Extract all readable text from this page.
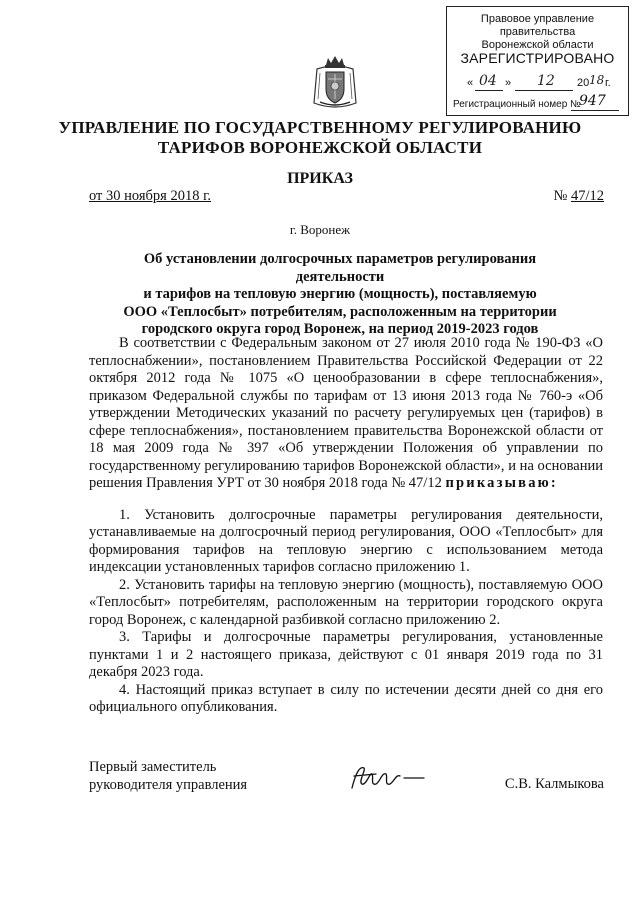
Правовое управление правительства
Воронежской области
ЗАРЕГИСТРИРОВАНО
« 04 » 12 20 18 г.
Регистрационный номер №
947
УПРАВЛЕНИЕ ПО ГОСУДАРСТВЕННОМУ РЕГУЛИРОВАНИЮ
ТАРИФОВ ВОРОНЕЖСКОЙ ОБЛАСТИ
ПРИКАЗ
от 30 ноября 2018 г.	№ 47/12
г. Воронеж
Об установлении долгосрочных параметров регулирования деятельности
и тарифов на тепловую энергию (мощность), поставляемую
ООО «Теплосбыт» потребителям, расположенным на территории
городского округа город Воронеж, на период 2019-2023 годов

В соответствии с Федеральным законом от 27 июля 2010 года № 190-ФЗ «О теплоснабжении», постановлением Правительства Российской Федерации от 22 октября 2012 года № 1075 «О ценообразовании в сфере теплоснабжения», приказом Федеральной службы по тарифам от 13 июня 2013 года № 760-э «Об утверждении Методических указаний по расчету регулируемых цен (тарифов) в сфере теплоснабжения», постановлением правительства Воронежской области от 18 мая 2009 года № 397 «Об утверждении Положения об управлении по государственному регулированию тарифов Воронежской области», и на основании решения Правления УРТ от 30 ноября 2018 года № 47/12 приказываю:

1. Установить долгосрочные параметры регулирования деятельности, устанавливаемые на долгосрочный период регулирования, ООО «Теплосбыт» для формирования тарифов на тепловую энергию с использованием метода индексации установленных тарифов согласно приложению 1.

2. Установить тарифы на тепловую энергию (мощность), поставляемую ООО «Теплосбыт» потребителям, расположенным на территории городского округа город Воронеж, с календарной разбивкой согласно приложению 2.

3. Тарифы и долгосрочные параметры регулирования, установленные пунктами 1 и 2 настоящего приказа, действуют с 01 января 2019 года по 31 декабря 2023 года.

4. Настоящий приказ вступает в силу по истечении десяти дней со дня его официального опубликования.

Первый заместитель
руководителя управления	С.В. Калмыкова
